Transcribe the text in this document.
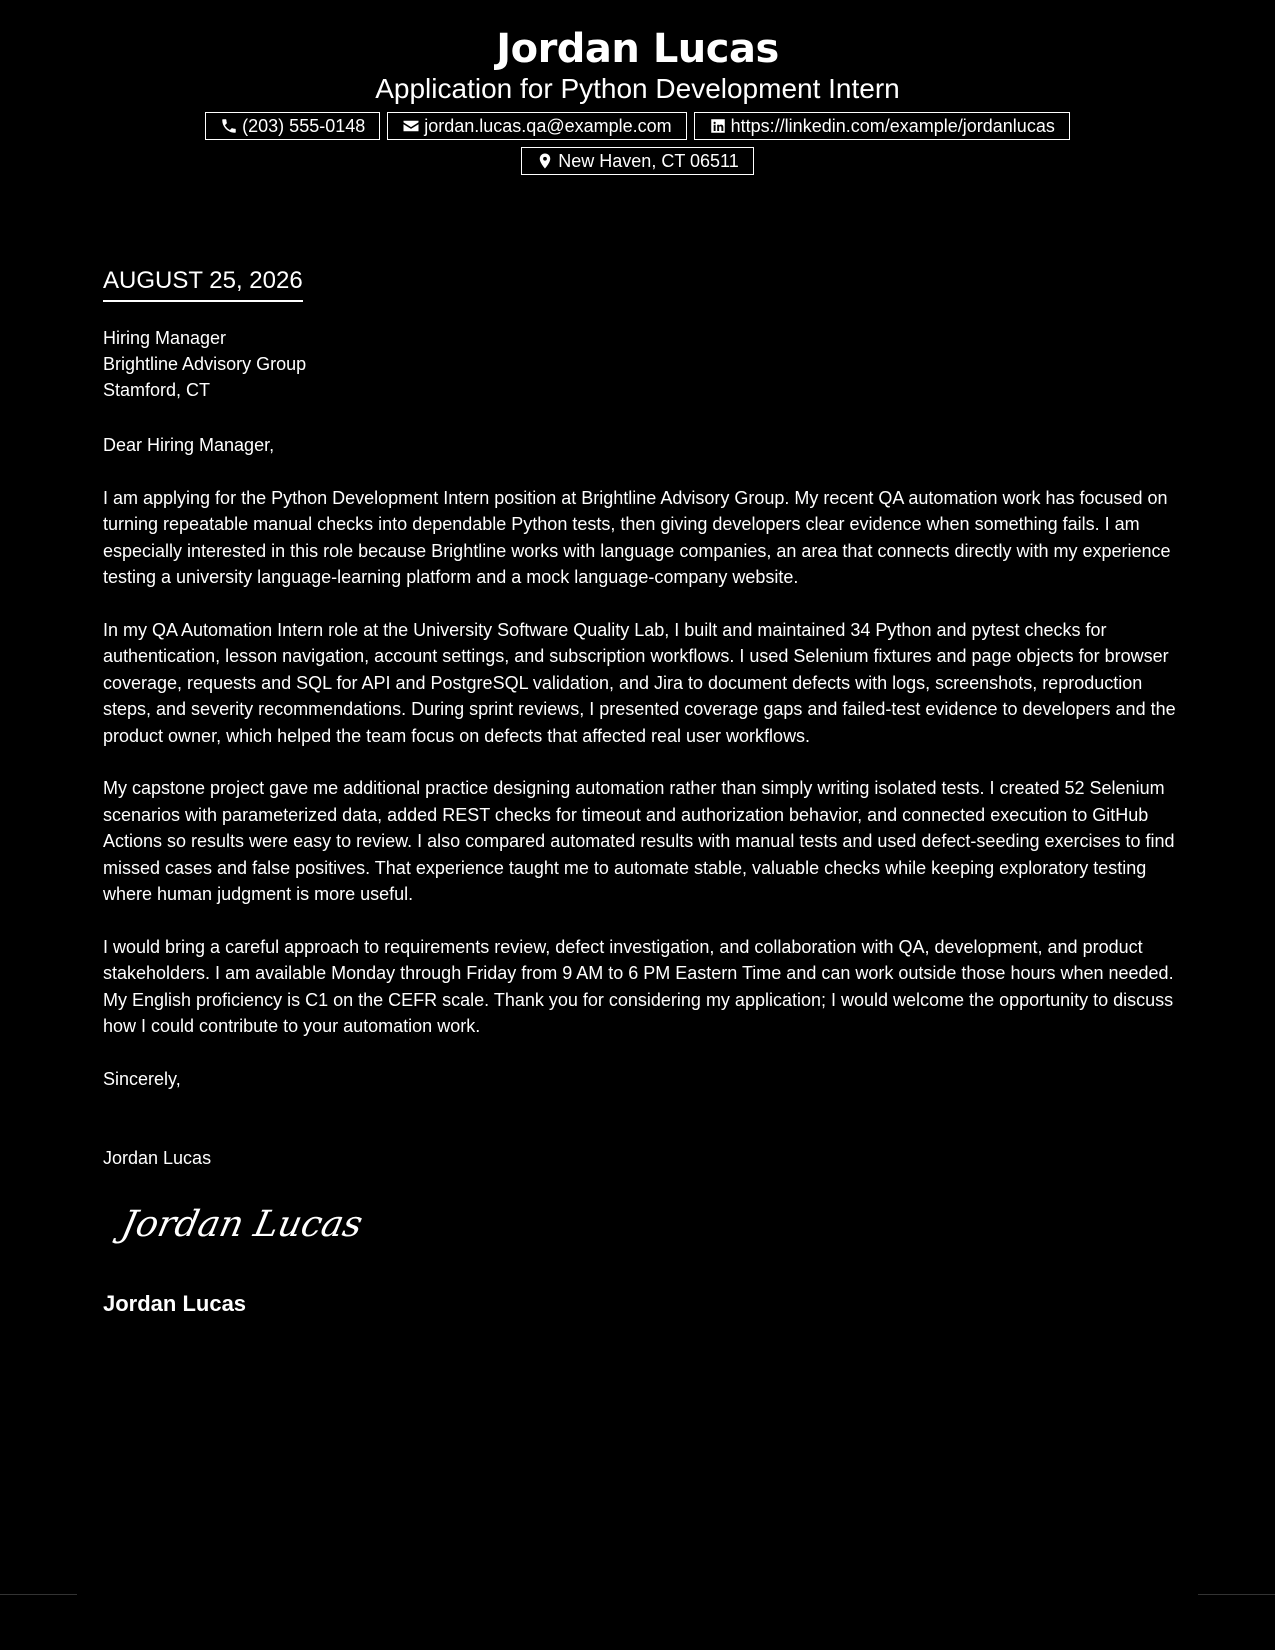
Jordan Lucas
Application for Python Development Intern
(203) 555-0148	jordan.lucas.qa@example.com	https://linkedin.com/example/jordanlucas
New Haven, CT 06511
AUGUST 25, 2026
Hiring Manager
Brightline Advisory Group
Stamford, CT

Dear Hiring Manager,

I am applying for the Python Development Intern position at Brightline Advisory Group. My recent QA automation work has focused on turning repeatable manual checks into dependable Python tests, then giving developers clear evidence when something fails. I am especially interested in this role because Brightline works with language companies, an area that connects directly with my experience testing a university language-learning platform and a mock language-company website.

In my QA Automation Intern role at the University Software Quality Lab, I built and maintained 34 Python and pytest checks for authentication, lesson navigation, account settings, and subscription workflows. I used Selenium fixtures and page objects for browser coverage, requests and SQL for API and PostgreSQL validation, and Jira to document defects with logs, screenshots, reproduction steps, and severity recommendations. During sprint reviews, I presented coverage gaps and failed-test evidence to developers and the product owner, which helped the team focus on defects that affected real user workflows.

My capstone project gave me additional practice designing automation rather than simply writing isolated tests. I created 52 Selenium scenarios with parameterized data, added REST checks for timeout and authorization behavior, and connected execution to GitHub Actions so results were easy to review. I also compared automated results with manual tests and used defect-seeding exercises to find missed cases and false positives. That experience taught me to automate stable, valuable checks while keeping exploratory testing where human judgment is more useful.

I would bring a careful approach to requirements review, defect investigation, and collaboration with QA, development, and product stakeholders. I am available Monday through Friday from 9 AM to 6 PM Eastern Time and can work outside those hours when needed. My English proficiency is C1 on the CEFR scale. Thank you for considering my application; I would welcome the opportunity to discuss how I could contribute to your automation work.

Sincerely,
Jordan Lucas
Jordan Lucas
Jordan Lucas
